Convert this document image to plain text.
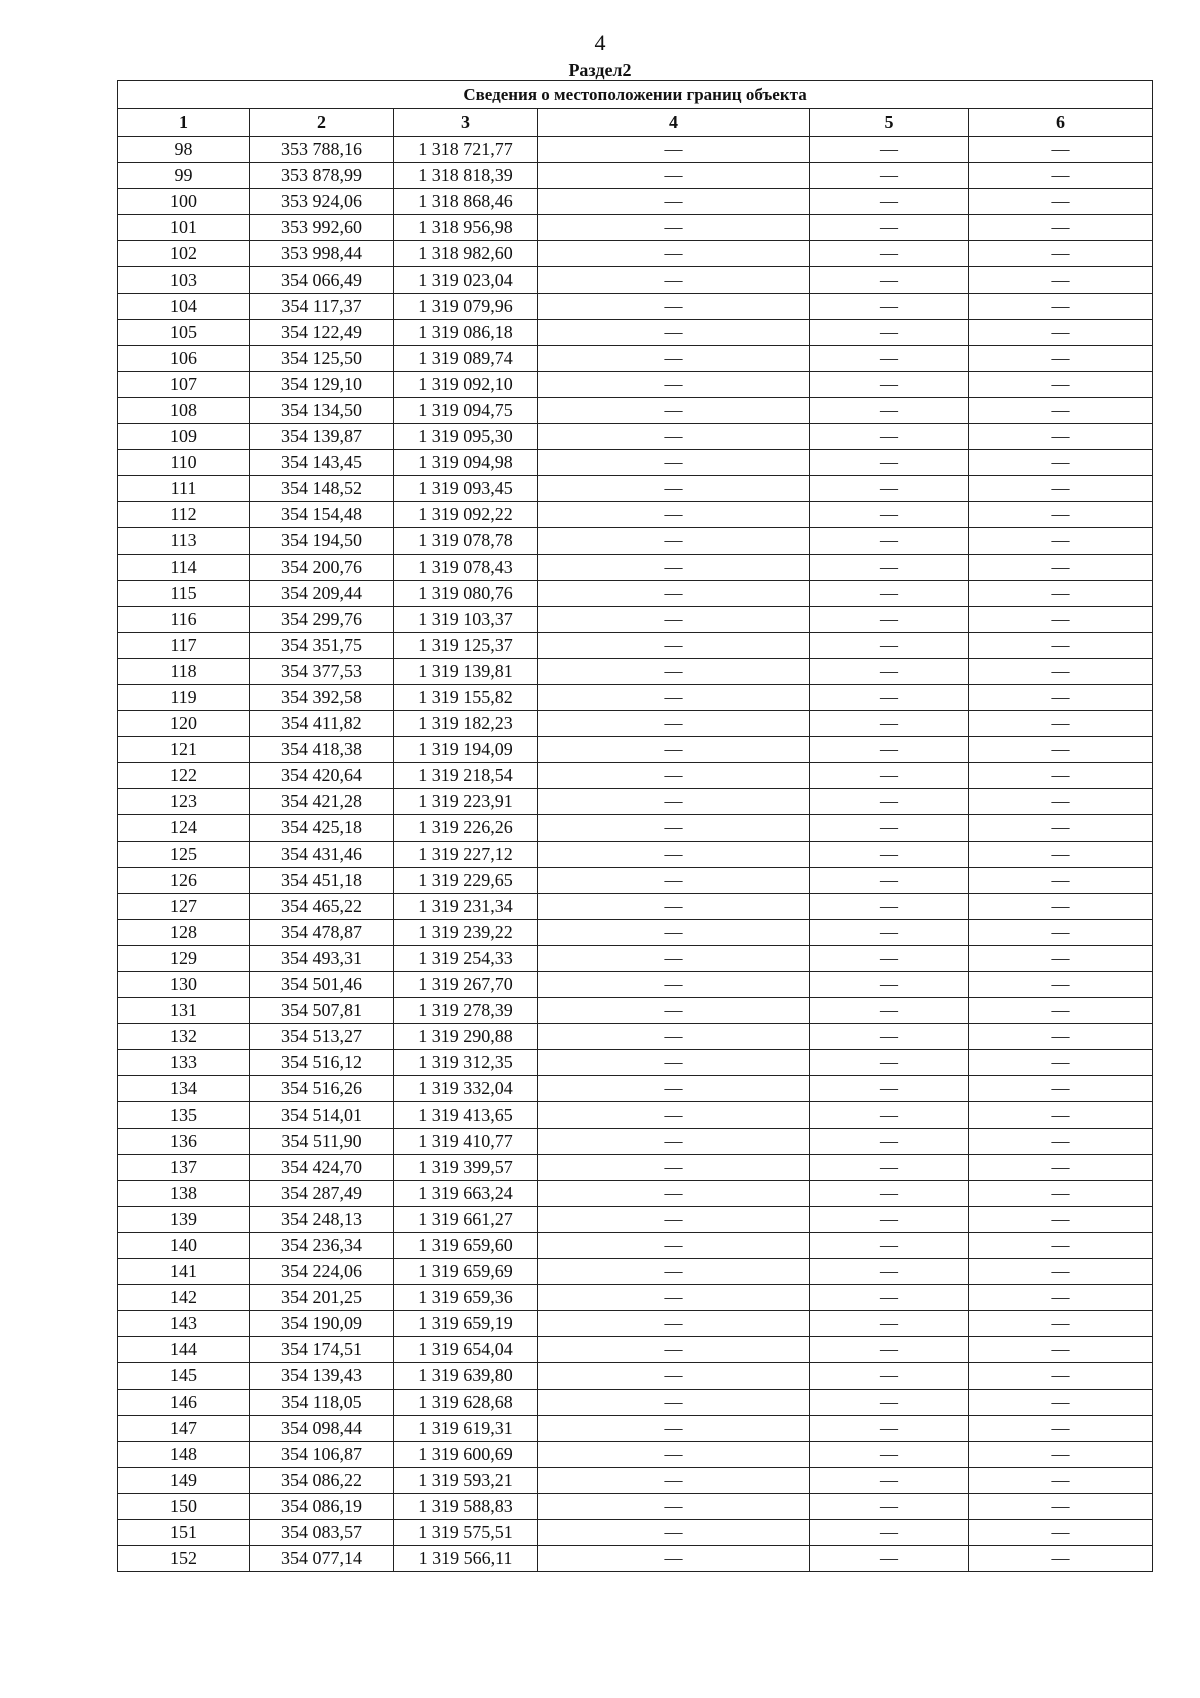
4
Раздел2
Сведения о местоположении границ объекта					
1	2	3	4	5	6
98	353 788,16	1 318 721,77	—	—	—
99	353 878,99	1 318 818,39	—	—	—
100	353 924,06	1 318 868,46	—	—	—
101	353 992,60	1 318 956,98	—	—	—
102	353 998,44	1 318 982,60	—	—	—
103	354 066,49	1 319 023,04	—	—	—
104	354 117,37	1 319 079,96	—	—	—
105	354 122,49	1 319 086,18	—	—	—
106	354 125,50	1 319 089,74	—	—	—
107	354 129,10	1 319 092,10	—	—	—
108	354 134,50	1 319 094,75	—	—	—
109	354 139,87	1 319 095,30	—	—	—
110	354 143,45	1 319 094,98	—	—	—
111	354 148,52	1 319 093,45	—	—	—
112	354 154,48	1 319 092,22	—	—	—
113	354 194,50	1 319 078,78	—	—	—
114	354 200,76	1 319 078,43	—	—	—
115	354 209,44	1 319 080,76	—	—	—
116	354 299,76	1 319 103,37	—	—	—
117	354 351,75	1 319 125,37	—	—	—
118	354 377,53	1 319 139,81	—	—	—
119	354 392,58	1 319 155,82	—	—	—
120	354 411,82	1 319 182,23	—	—	—
121	354 418,38	1 319 194,09	—	—	—
122	354 420,64	1 319 218,54	—	—	—
123	354 421,28	1 319 223,91	—	—	—
124	354 425,18	1 319 226,26	—	—	—
125	354 431,46	1 319 227,12	—	—	—
126	354 451,18	1 319 229,65	—	—	—
127	354 465,22	1 319 231,34	—	—	—
128	354 478,87	1 319 239,22	—	—	—
129	354 493,31	1 319 254,33	—	—	—
130	354 501,46	1 319 267,70	—	—	—
131	354 507,81	1 319 278,39	—	—	—
132	354 513,27	1 319 290,88	—	—	—
133	354 516,12	1 319 312,35	—	—	—
134	354 516,26	1 319 332,04	—	—	—
135	354 514,01	1 319 413,65	—	—	—
136	354 511,90	1 319 410,77	—	—	—
137	354 424,70	1 319 399,57	—	—	—
138	354 287,49	1 319 663,24	—	—	—
139	354 248,13	1 319 661,27	—	—	—
140	354 236,34	1 319 659,60	—	—	—
141	354 224,06	1 319 659,69	—	—	—
142	354 201,25	1 319 659,36	—	—	—
143	354 190,09	1 319 659,19	—	—	—
144	354 174,51	1 319 654,04	—	—	—
145	354 139,43	1 319 639,80	—	—	—
146	354 118,05	1 319 628,68	—	—	—
147	354 098,44	1 319 619,31	—	—	—
148	354 106,87	1 319 600,69	—	—	—
149	354 086,22	1 319 593,21	—	—	—
150	354 086,19	1 319 588,83	—	—	—
151	354 083,57	1 319 575,51	—	—	—
152	354 077,14	1 319 566,11	—	—	—
